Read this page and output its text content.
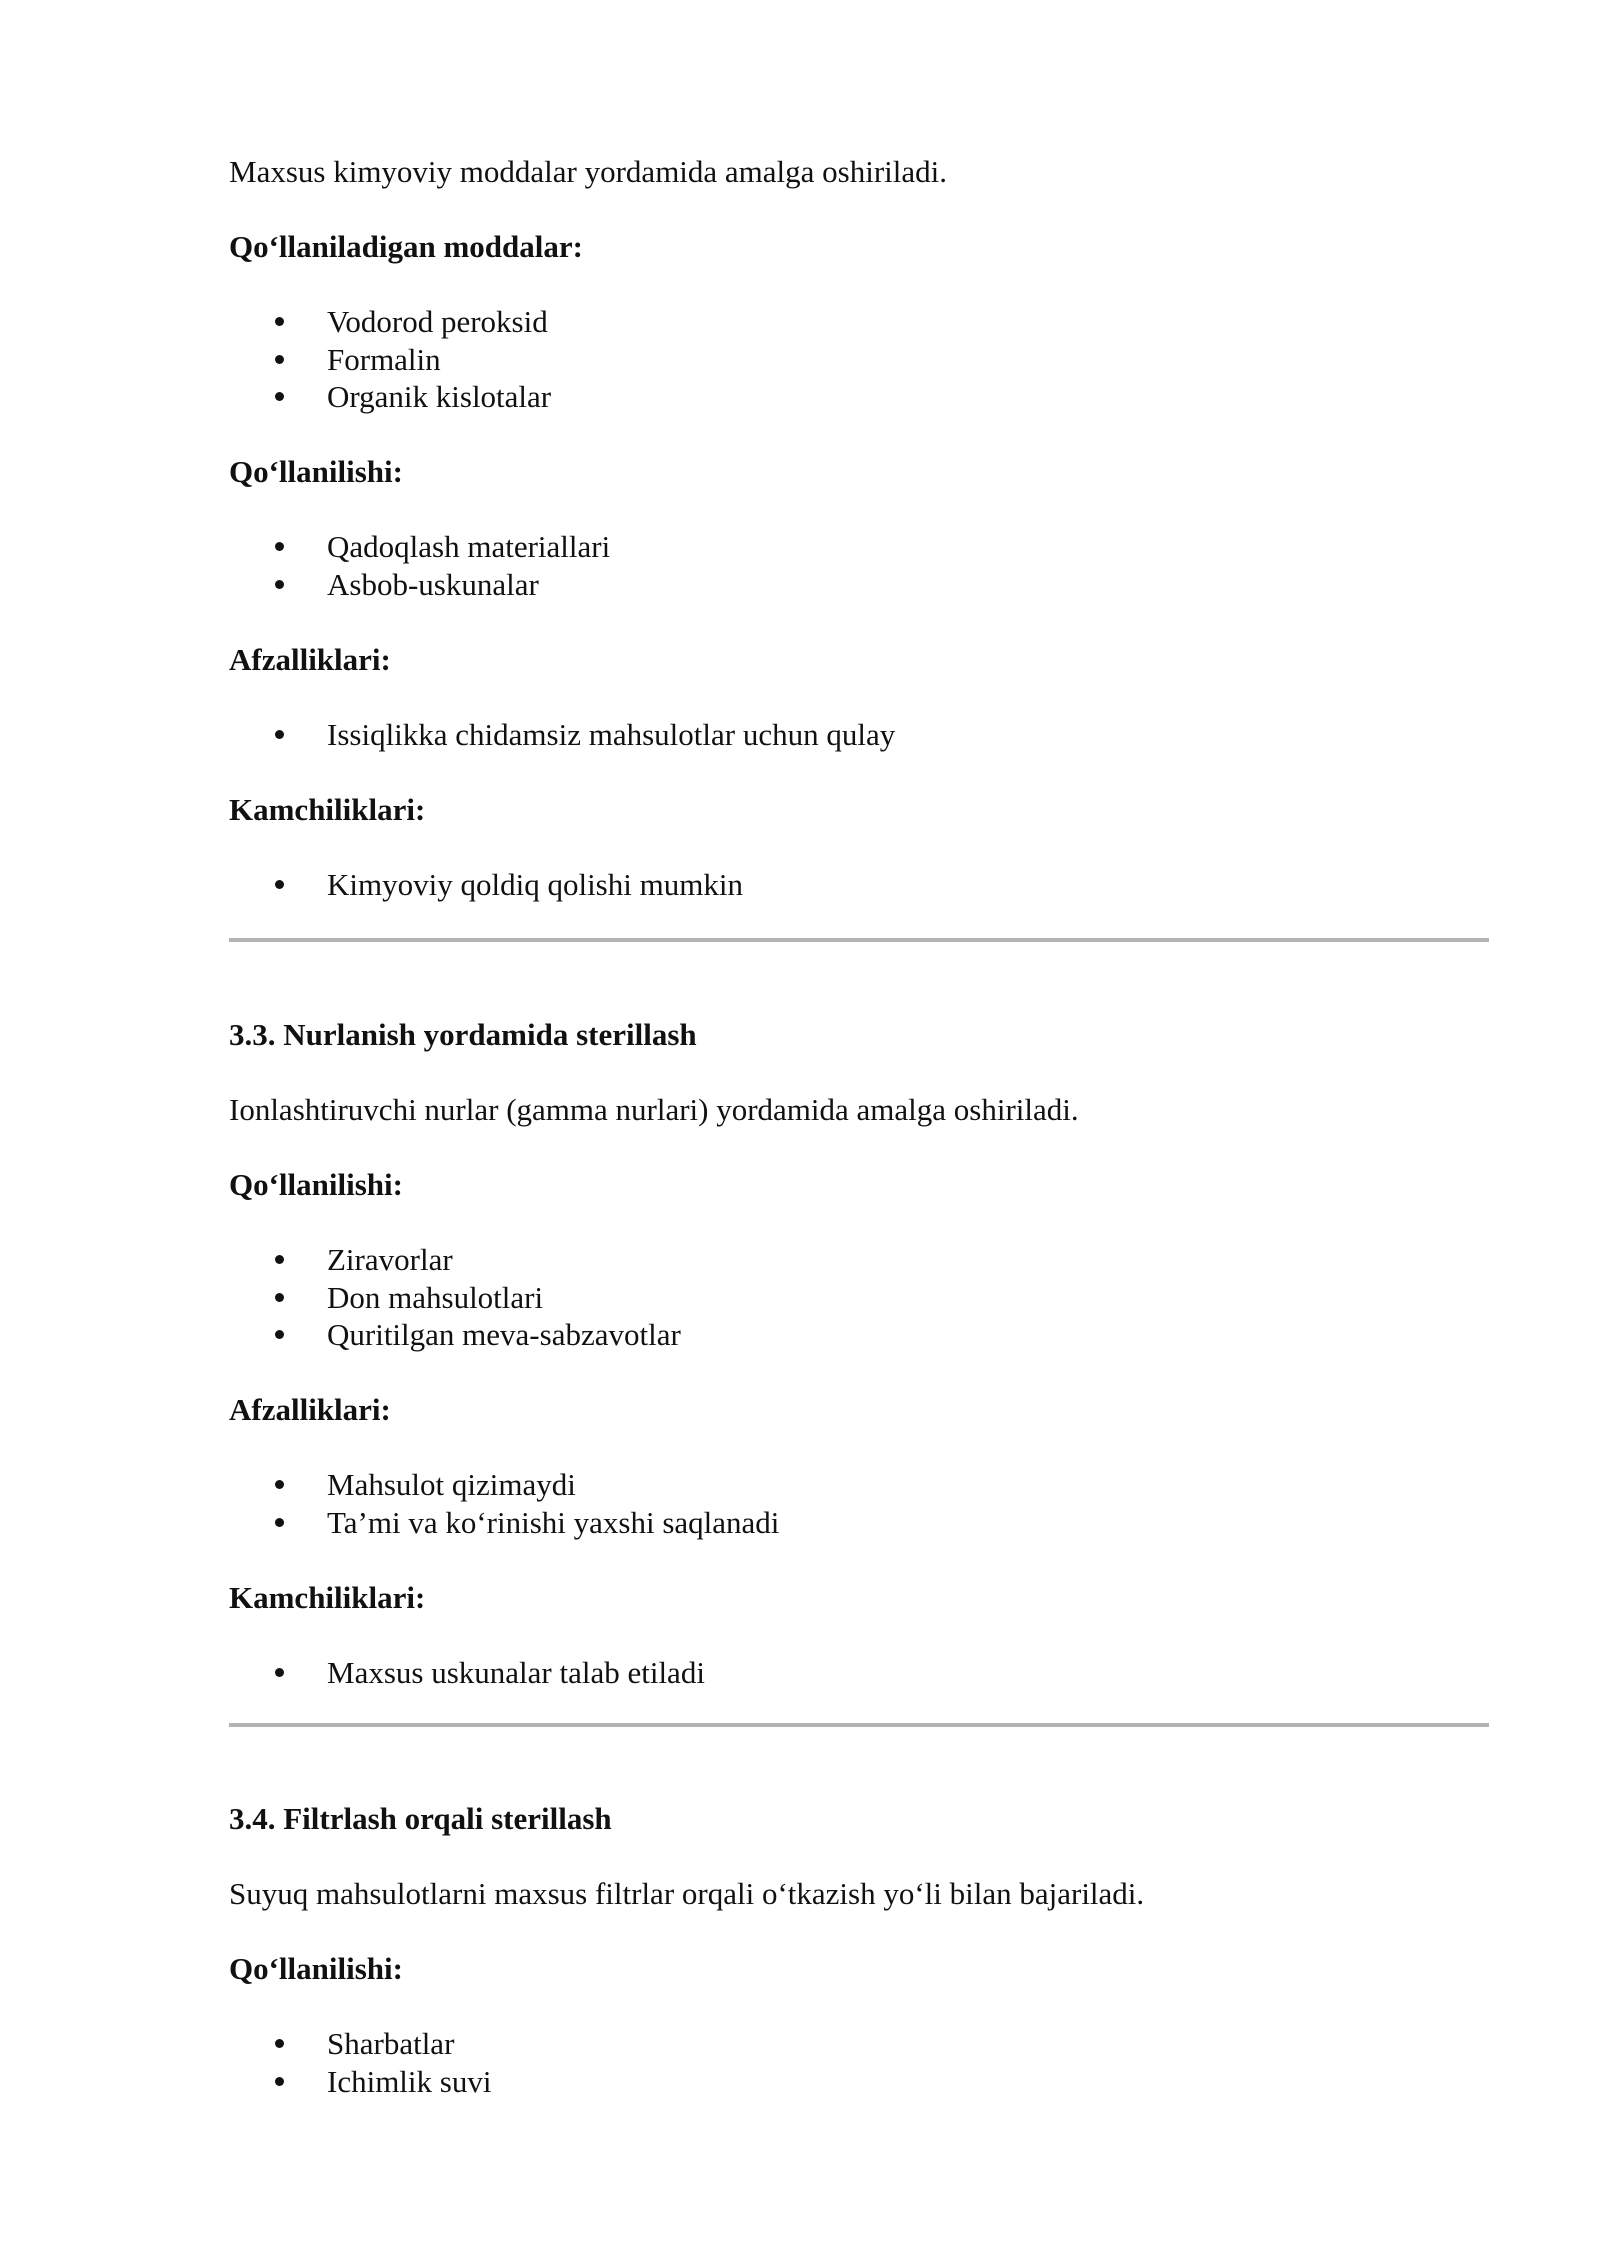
Maxsus kimyoviy moddalar yordamida amalga oshiriladi.

Qo‘llaniladigan moddalar:

Vodorod peroksid
Formalin
Organik kislotalar

Qo‘llanilishi:

Qadoqlash materiallari
Asbob-uskunalar

Afzalliklari:

Issiqlikka chidamsiz mahsulotlar uchun qulay

Kamchiliklari:

Kimyoviy qoldiq qolishi mumkin

3.3. Nurlanish yordamida sterillash

Ionlashtiruvchi nurlar (gamma nurlari) yordamida amalga oshiriladi.

Qo‘llanilishi:

Ziravorlar
Don mahsulotlari
Quritilgan meva-sabzavotlar

Afzalliklari:

Mahsulot qizimaydi
Ta’mi va ko‘rinishi yaxshi saqlanadi

Kamchiliklari:

Maxsus uskunalar talab etiladi

3.4. Filtrlash orqali sterillash

Suyuq mahsulotlarni maxsus filtrlar orqali o‘tkazish yo‘li bilan bajariladi.

Qo‘llanilishi:

Sharbatlar
Ichimlik suvi
